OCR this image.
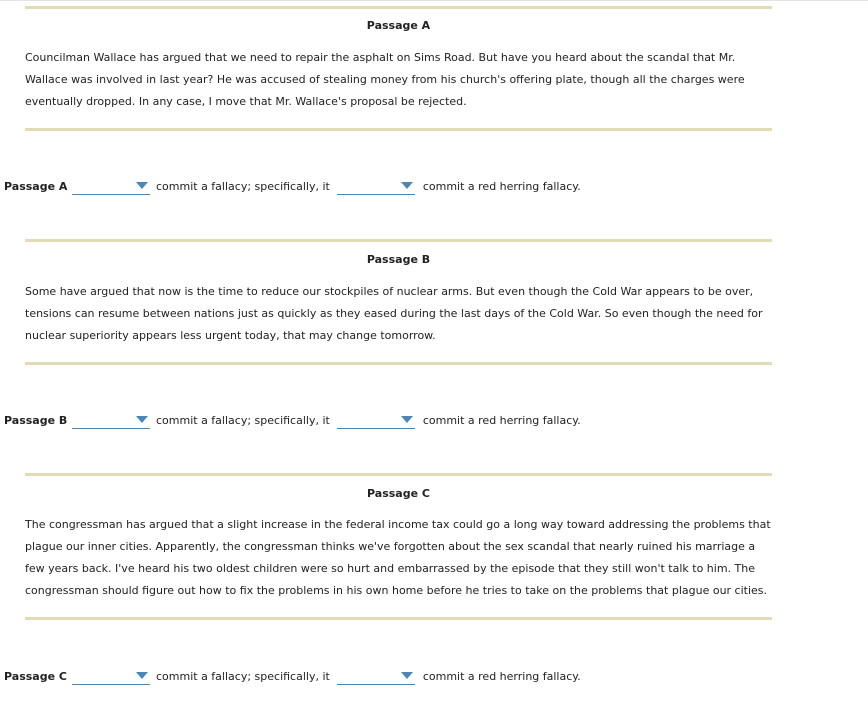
Passage A
Councilman Wallace has argued that we need to repair the asphalt on Sims Road. But have you heard about the scandal that Mr. Wallace was involved in last year? He was accused of stealing money from his church's offering plate, though all the charges were eventually dropped. In any case, I move that Mr. Wallace's proposal be rejected.
Passage A	commit a fallacy; specifically, it	commit a red herring fallacy.
Passage B
Some have argued that now is the time to reduce our stockpiles of nuclear arms. But even though the Cold War appears to be over, tensions can resume between nations just as quickly as they eased during the last days of the Cold War. So even though the need for nuclear superiority appears less urgent today, that may change tomorrow.
Passage B	commit a fallacy; specifically, it	commit a red herring fallacy.
Passage C
The congressman has argued that a slight increase in the federal income tax could go a long way toward addressing the problems that plague our inner cities. Apparently, the congressman thinks we've forgotten about the sex scandal that nearly ruined his marriage a few years back. I've heard his two oldest children were so hurt and embarrassed by the episode that they still won't talk to him. The congressman should figure out how to fix the problems in his own home before he tries to take on the problems that plague our cities.
Passage C	commit a fallacy; specifically, it	commit a red herring fallacy.
